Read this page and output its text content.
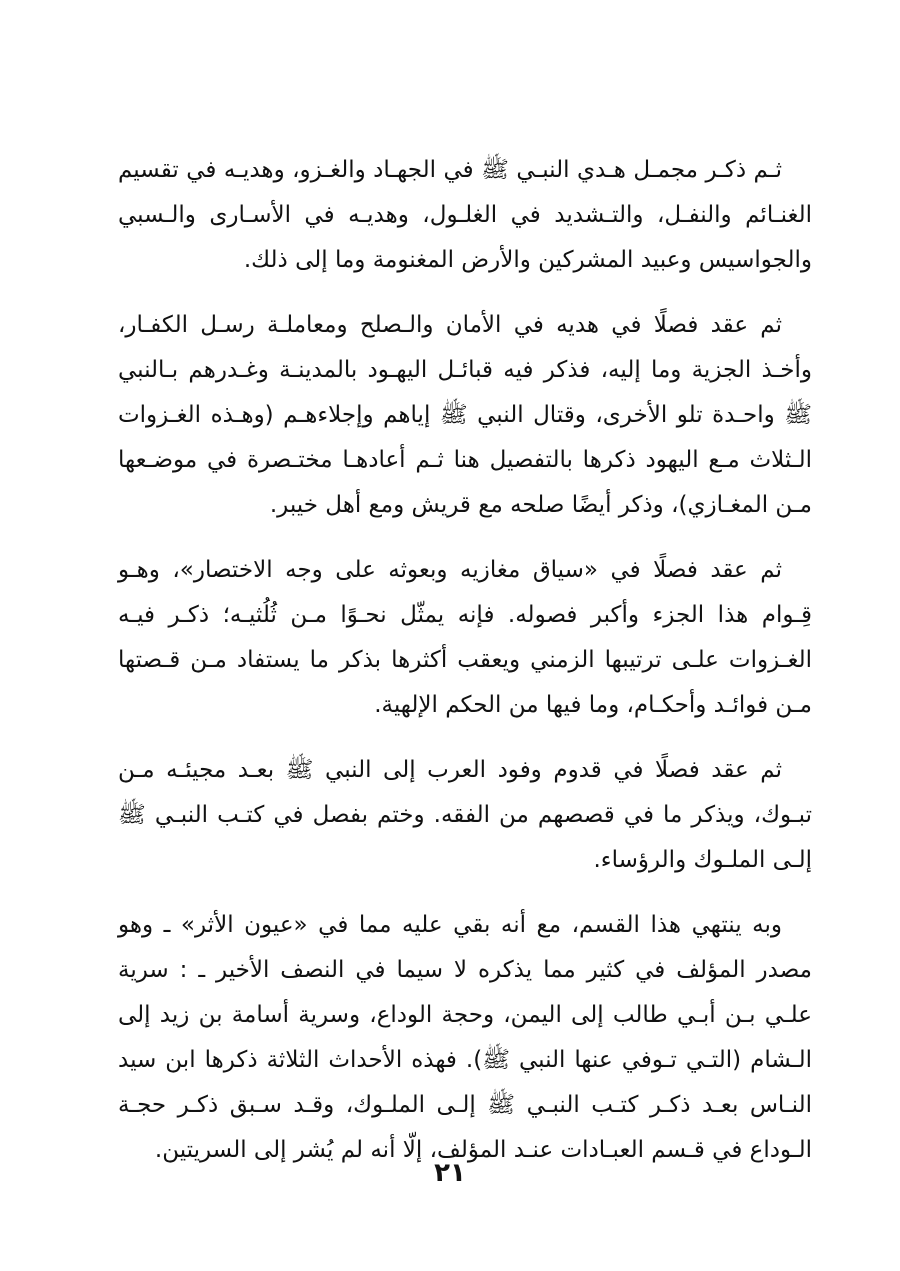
ثـم ذكـر مجمـل هـدي النبـي ﷺ في الجهـاد والغـزو، وهديـه في تقسيم الغنـائم والنفـل، والتـشديد في الغلـول، وهديـه في الأسـارى والـسبي والجواسيس وعبيد المشركين والأرض المغنومة وما إلى ذلك.

ثم عقد فصلًا في هديه في الأمان والـصلح ومعاملـة رسـل الكفـار، وأخـذ الجزية وما إليه، فذكر فيه قبائـل اليهـود بالمدينـة وغـدرهم بـالنبي ﷺ واحـدة تلو الأخرى، وقتال النبي ﷺ إياهم وإجلاءهـم (وهـذه الغـزوات الـثلاث مـع اليهود ذكرها بالتفصيل هنا ثـم أعادهـا مختـصرة في موضـعها مـن المغـازي)، وذكر أيضًا صلحه مع قريش ومع أهل خيبر.

ثم عقد فصلًا في «سياق مغازيه وبعوثه على وجه الاختصار»، وهـو قِـوام هذا الجزء وأكبر فصوله. فإنه يمثّل نحـوًا مـن ثُلُثيـه؛ ذكـر فيـه الغـزوات علـى ترتيبها الزمني ويعقب أكثرها بذكر ما يستفاد مـن قـصتها مـن فوائـد وأحكـام، وما فيها من الحكم الإلهية.

ثم عقد فصلًا في قدوم وفود العرب إلى النبي ﷺ بعـد مجيئـه مـن تبـوك، ويذكر ما في قصصهم من الفقه. وختم بفصل في كتـب النبـي ﷺ إلـى الملـوك والرؤساء.

وبه ينتهي هذا القسم، مع أنه بقي عليه مما في «عيون الأثر» ـ وهو مصدر المؤلف في كثير مما يذكره لا سيما في النصف الأخير ـ : سرية علـي بـن أبـي طالب إلى اليمن، وحجة الوداع، وسرية أسامة بن زيد إلى الـشام (التـي تـوفي عنها النبي ﷺ). فهذه الأحداث الثلاثة ذكرها ابن سيد النـاس بعـد ذكـر كتـب النبـي ﷺ إلـى الملـوك، وقـد سـبق ذكـر حجـة الـوداع في قـسم العبـادات عنـد المؤلف، إلّا أنه لم يُشر إلى السريتين.

٢١
